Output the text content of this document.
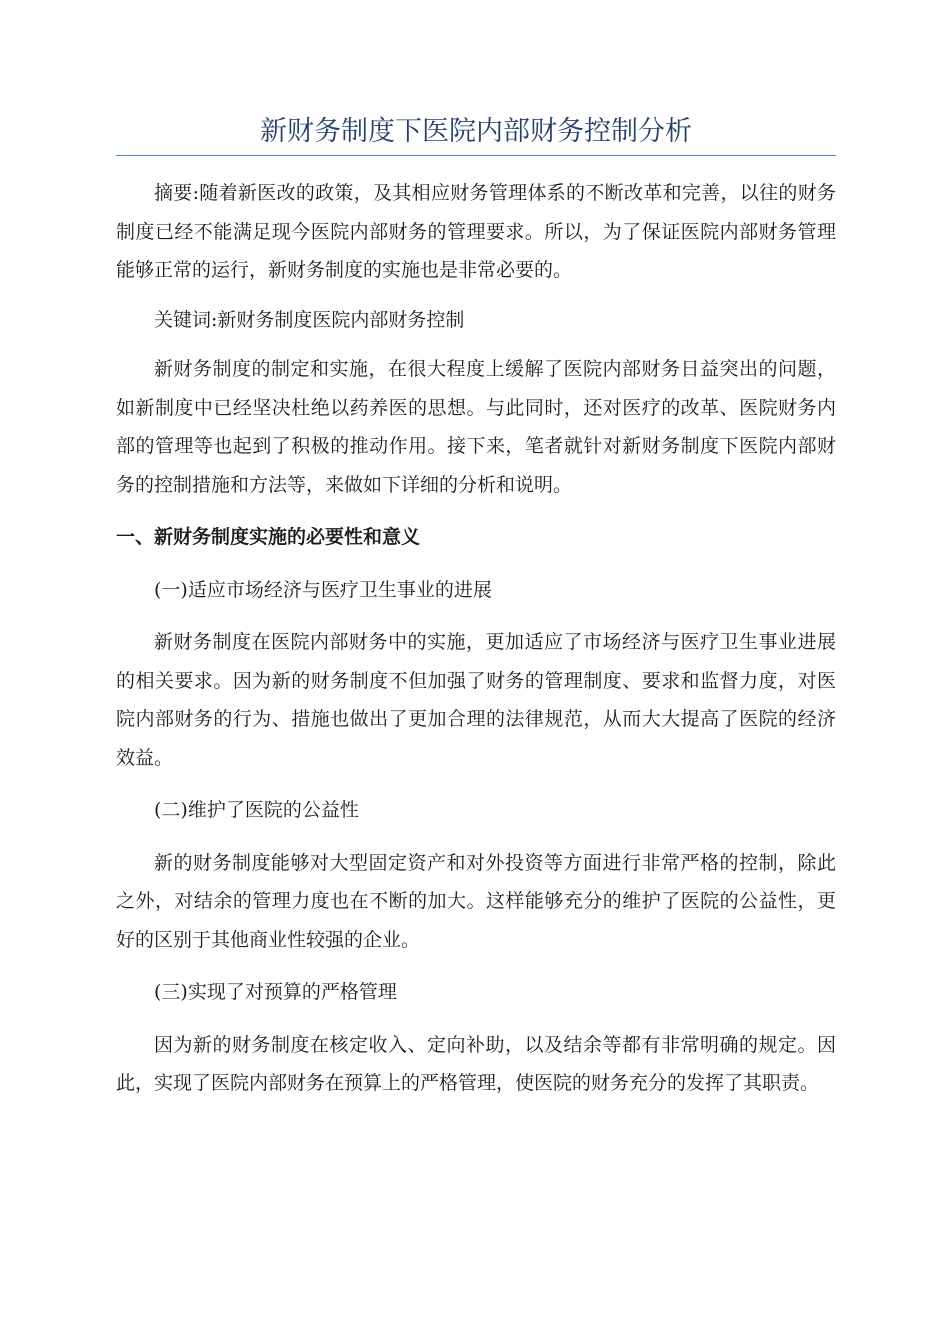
新财务制度下医院内部财务控制分析

摘要:随着新医改的政策，及其相应财务管理体系的不断改革和完善，以往的财务制度已经不能满足现今医院内部财务的管理要求。所以，为了保证医院内部财务管理能够正常的运行，新财务制度的实施也是非常必要的。

关键词:新财务制度医院内部财务控制

新财务制度的制定和实施，在很大程度上缓解了医院内部财务日益突出的问题，如新制度中已经坚决杜绝以药养医的思想。与此同时，还对医疗的改革、医院财务内部的管理等也起到了积极的推动作用。接下来，笔者就针对新财务制度下医院内部财务的控制措施和方法等，来做如下详细的分析和说明。

一、新财务制度实施的必要性和意义

(一)适应市场经济与医疗卫生事业的进展

新财务制度在医院内部财务中的实施，更加适应了市场经济与医疗卫生事业进展的相关要求。因为新的财务制度不但加强了财务的管理制度、要求和监督力度，对医院内部财务的行为、措施也做出了更加合理的法律规范，从而大大提高了医院的经济效益。

(二)维护了医院的公益性

新的财务制度能够对大型固定资产和对外投资等方面进行非常严格的控制，除此之外，对结余的管理力度也在不断的加大。这样能够充分的维护了医院的公益性，更好的区别于其他商业性较强的企业。

(三)实现了对预算的严格管理

因为新的财务制度在核定收入、定向补助，以及结余等都有非常明确的规定。因此，实现了医院内部财务在预算上的严格管理，使医院的财务充分的发挥了其职责。
